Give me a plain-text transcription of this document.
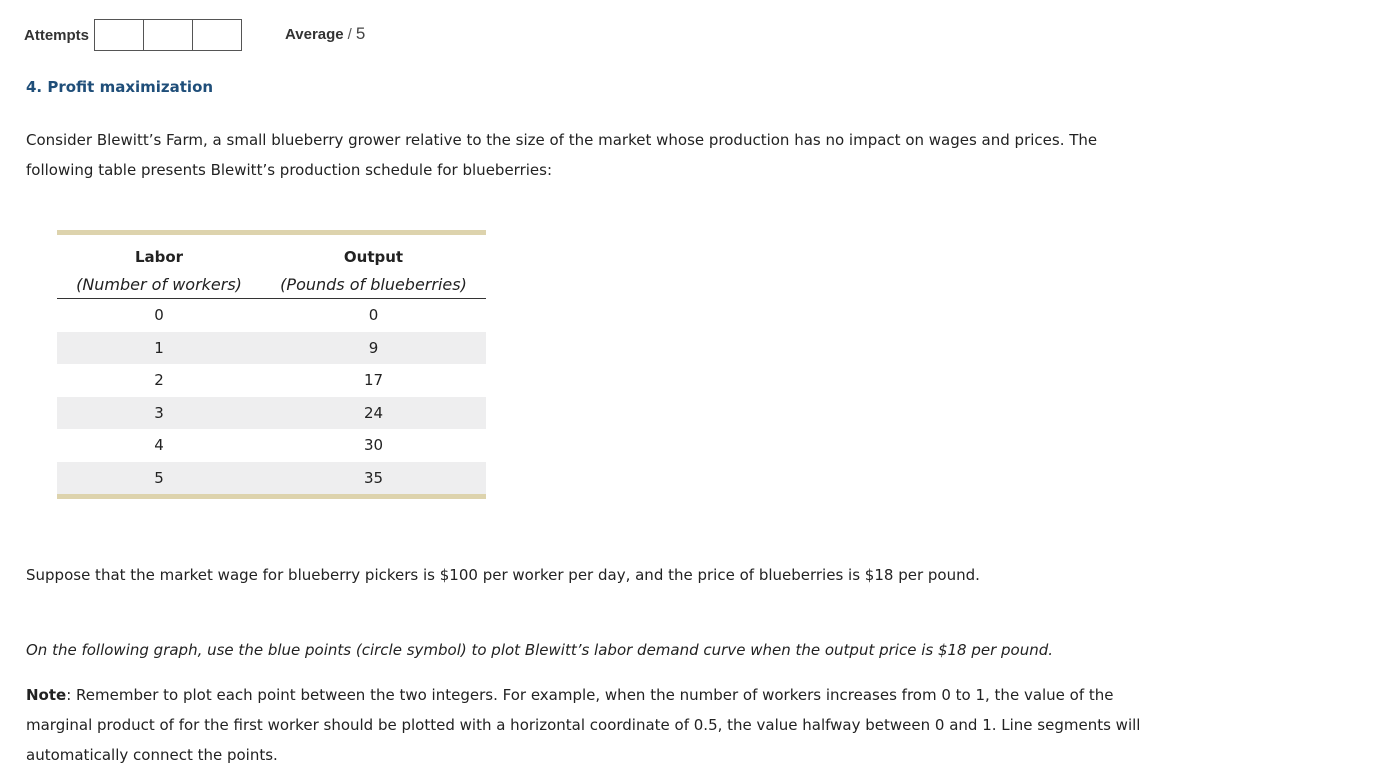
Attempts	Average / 5
4. Profit maximization
Consider Blewitt’s Farm, a small blueberry grower relative to the size of the market whose production has no impact on wages and prices. The following table presents Blewitt’s production schedule for blueberries:
Labor	Output
(Number of workers)	(Pounds of blueberries)
0	0
1	9
2	17
3	24
4	30
5	35
Suppose that the market wage for blueberry pickers is $100 per worker per day, and the price of blueberries is $18 per pound.
On the following graph, use the blue points (circle symbol) to plot Blewitt’s labor demand curve when the output price is $18 per pound.
Note: Remember to plot each point between the two integers. For example, when the number of workers increases from 0 to 1, the value of the marginal product of for the first worker should be plotted with a horizontal coordinate of 0.5, the value halfway between 0 and 1. Line segments will automatically connect the points.
